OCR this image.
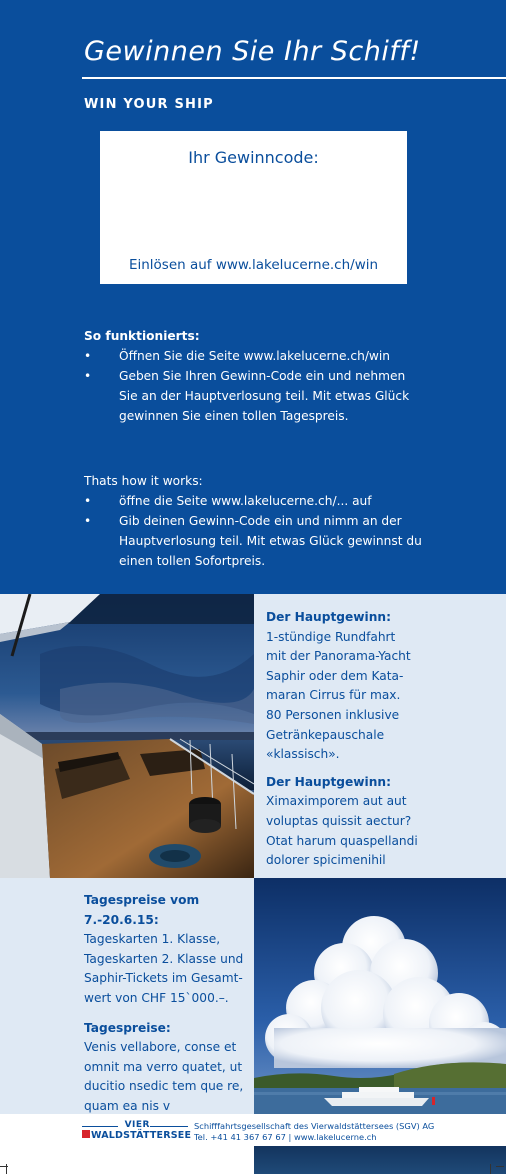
Gewinnen Sie Ihr Schiff!
WIN YOUR SHIP
Ihr Gewinncode:
Einlösen auf www.lakelucerne.ch/win
So funktionierts:
• Öffnen Sie die Seite www.lakelucerne.ch/win
• Geben Sie Ihren Gewinn-Code ein und nehmen Sie an der Hauptverlosung teil. Mit etwas Glück gewinnen Sie einen tollen Tagespreis.
Thats how it works:
• öffne die Seite www.lakelucerne.ch/... auf
• Gib deinen Gewinn-Code ein und nimm an der Hauptverlosung teil. Mit etwas Glück gewinnst du einen tollen Sofortpreis.
Der Hauptgewinn:
1-stündige Rundfahrt
mit der Panorama-Yacht
Saphir oder dem Kata-
maran Cirrus für max.
80 Personen inklusive
Getränkepauschale
«klassisch».
Der Hauptgewinn:
Ximaximporem aut aut
voluptas quissit aectur?
Otat harum quaspellandi
dolorer spicimenihil
Tagespreise vom 7.-20.6.15:
Tageskarten 1. Klasse,
Tageskarten 2. Klasse und
Saphir-Tickets im Gesamt-
wert von CHF 15`000.–.
Tagespreise:
Venis vellabore, conse et
omnit ma verro quatet, ut
ducitio nsedic tem que re,
quam ea nis v
VIER
WALDSTÄTTERSEE
Schifffahrtsgesellschaft des Vierwaldstättersees (SGV) AG
Tel. +41 41 367 67 67 | www.lakelucerne.ch
